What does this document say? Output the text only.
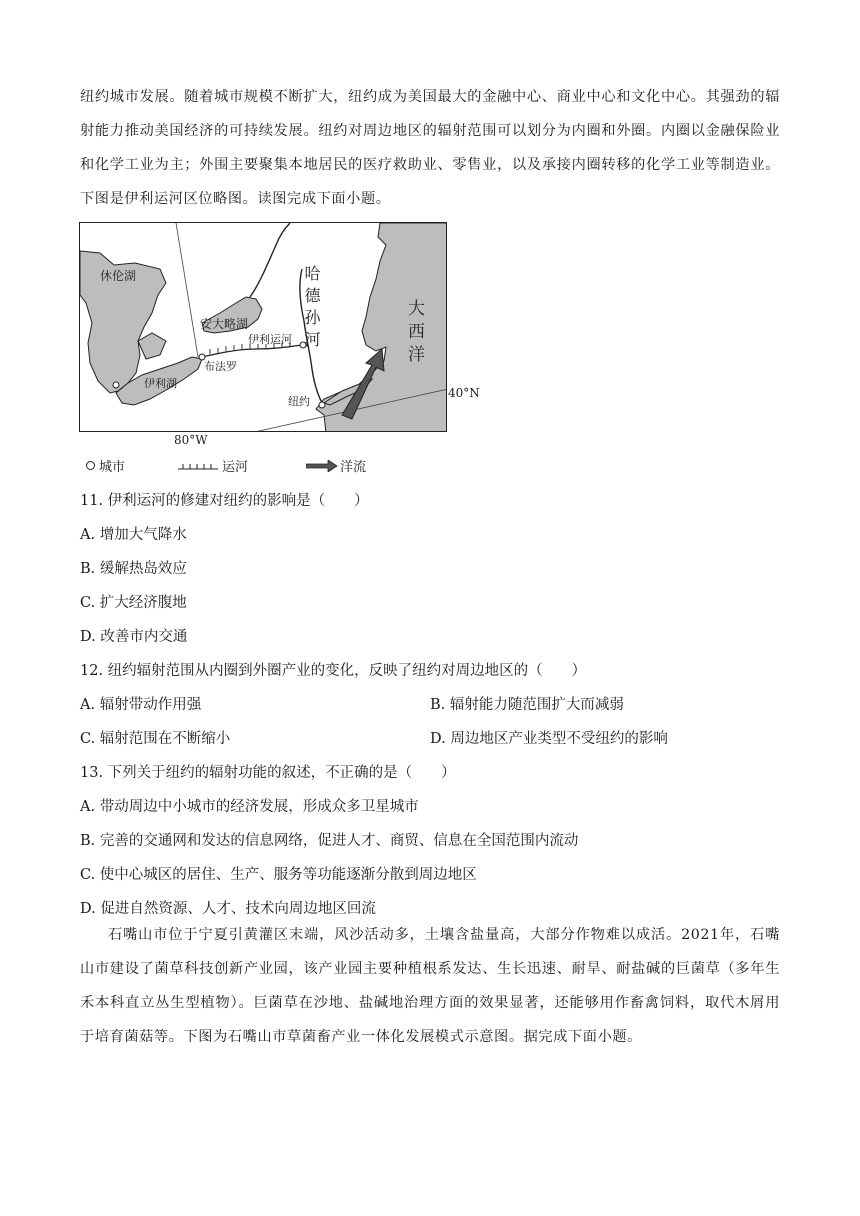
纽约城市发展。随着城市规模不断扩大，纽约成为美国最大的金融中心、商业中心和文化中心。其强劲的辐射能力推动美国经济的可持续发展。纽约对周边地区的辐射范围可以划分为内圈和外圈。内圈以金融保险业和化学工业为主；外围主要聚集本地居民的医疗救助业、零售业，以及承接内圈转移的化学工业等制造业。下图是伊利运河区位略图。读图完成下面小题。
休伦湖
安大略湖
伊利运河
布法罗
伊利湖
哈德孙河	大西洋
纽约
40°N
80°W
城市	运河	洋流
11. 伊利运河的修建对纽约的影响是（　　）
A. 增加大气降水
B. 缓解热岛效应
C. 扩大经济腹地
D. 改善市内交通
12. 纽约辐射范围从内圈到外圈产业的变化，反映了纽约对周边地区的（　　）
A. 辐射带动作用强	B. 辐射能力随范围扩大而减弱
C. 辐射范围在不断缩小	D. 周边地区产业类型不受纽约的影响
13. 下列关于纽约的辐射功能的叙述，不正确的是（　　）
A. 带动周边中小城市的经济发展，形成众多卫星城市
B. 完善的交通网和发达的信息网络，促进人才、商贸、信息在全国范围内流动
C. 使中心城区的居住、生产、服务等功能逐渐分散到周边地区
D. 促进自然资源、人才、技术向周边地区回流
石嘴山市位于宁夏引黄灌区末端，风沙活动多，土壤含盐量高，大部分作物难以成活。2021年，石嘴山市建设了菌草科技创新产业园，该产业园主要种植根系发达、生长迅速、耐旱、耐盐碱的巨菌草（多年生禾本科直立丛生型植物）。巨菌草在沙地、盐碱地治理方面的效果显著，还能够用作畜禽饲料，取代木屑用于培育菌菇等。下图为石嘴山市草菌畜产业一体化发展模式示意图。据完成下面小题。
